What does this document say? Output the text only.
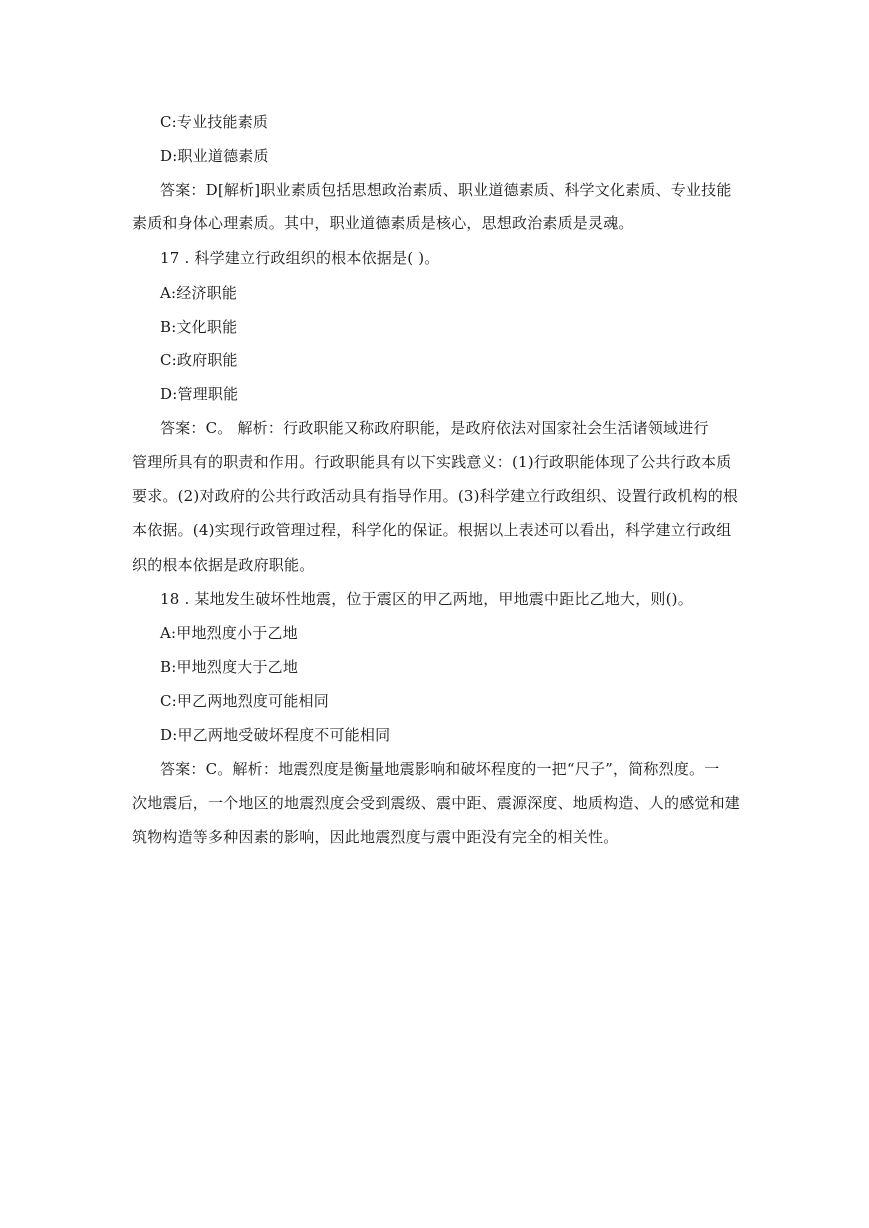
C:专业技能素质
D:职业道德素质
答案：D[解析]职业素质包括思想政治素质、职业道德素质、科学文化素质、专业技能
素质和身体心理素质。其中，职业道德素质是核心，思想政治素质是灵魂。
17 . 科学建立行政组织的根本依据是( )。
A:经济职能
B:文化职能
C:政府职能
D:管理职能
答案：C。 解析：行政职能又称政府职能，是政府依法对国家社会生活诸领域进行
管理所具有的职责和作用。行政职能具有以下实践意义：(1)行政职能体现了公共行政本质
要求。(2)对政府的公共行政活动具有指导作用。(3)科学建立行政组织、设置行政机构的根
本依据。(4)实现行政管理过程，科学化的保证。根据以上表述可以看出，科学建立行政组
织的根本依据是政府职能。
18 . 某地发生破坏性地震，位于震区的甲乙两地，甲地震中距比乙地大，则()。
A:甲地烈度小于乙地
B:甲地烈度大于乙地
C:甲乙两地烈度可能相同
D:甲乙两地受破坏程度不可能相同
答案：C。解析：地震烈度是衡量地震影响和破坏程度的一把“尺子”，简称烈度。一
次地震后，一个地区的地震烈度会受到震级、震中距、震源深度、地质构造、人的感觉和建
筑物构造等多种因素的影响，因此地震烈度与震中距没有完全的相关性。
